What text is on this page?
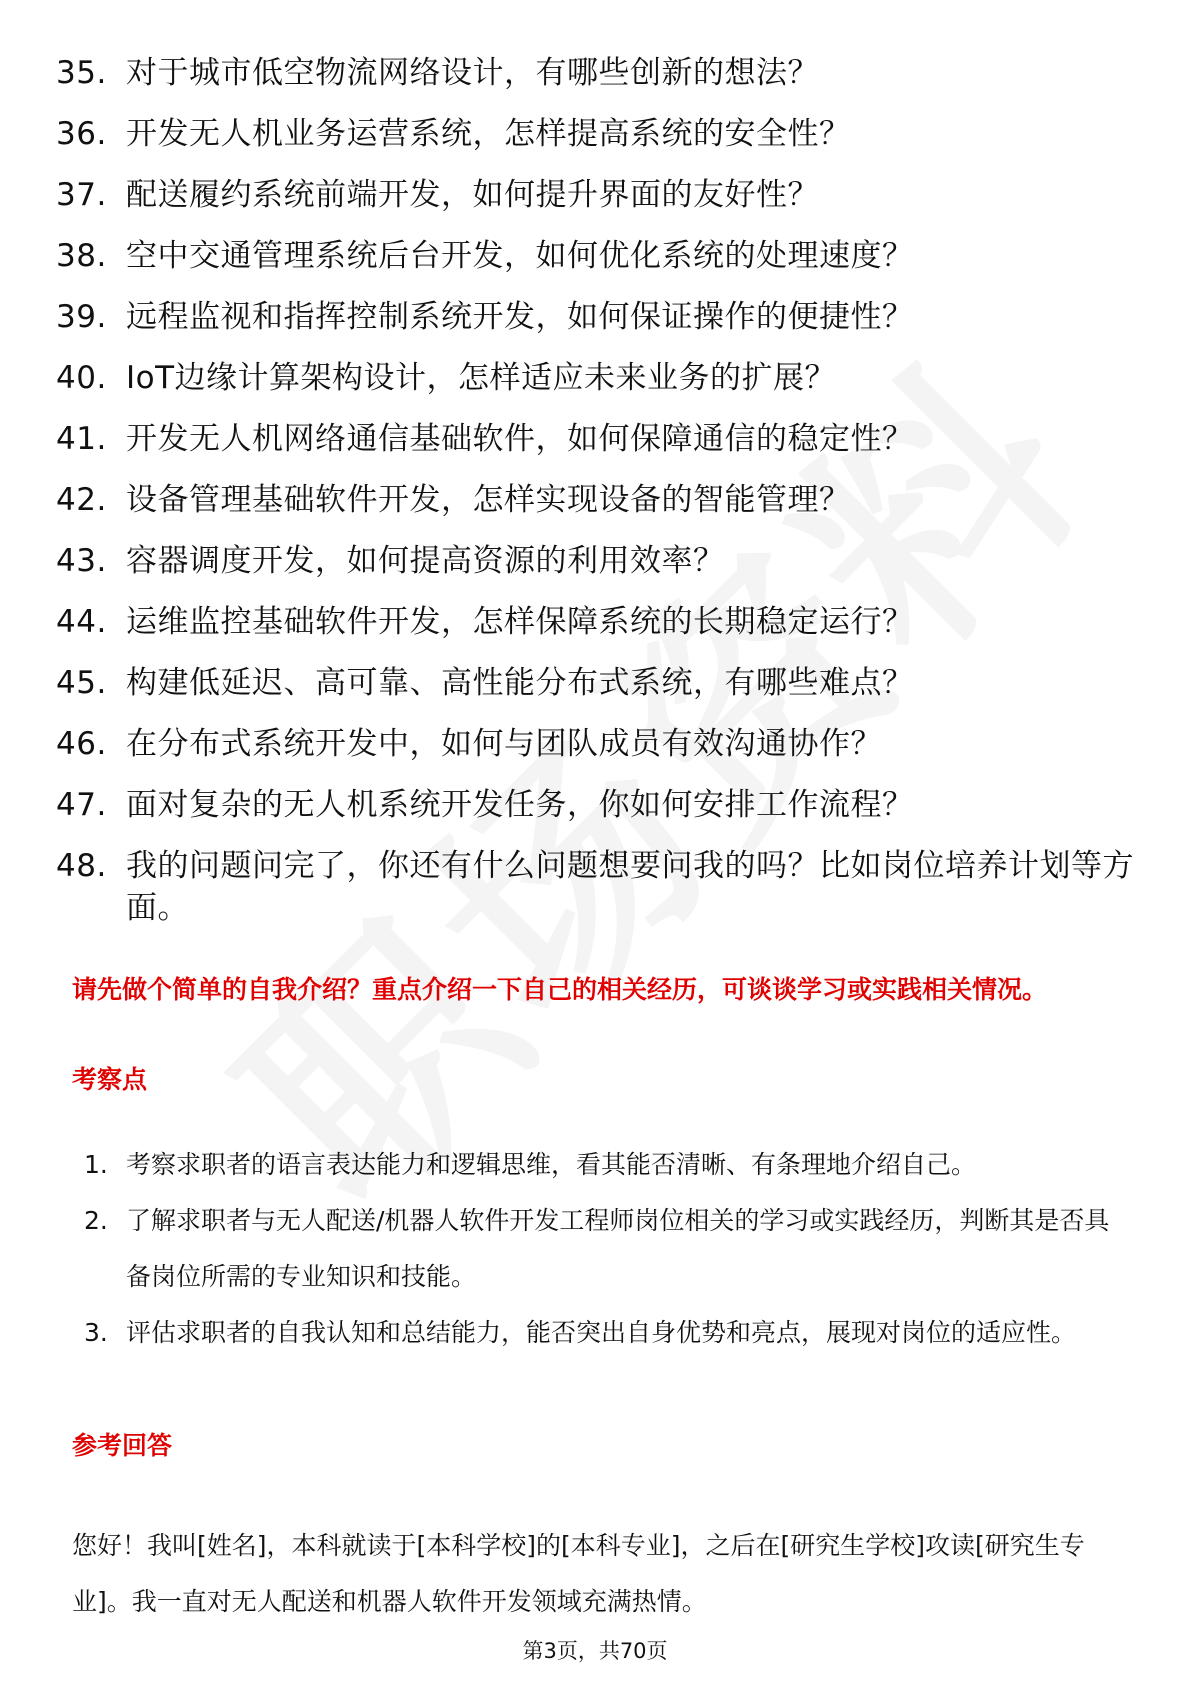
35. 对于城市低空物流网络设计，有哪些创新的想法？
36. 开发无人机业务运营系统，怎样提高系统的安全性？
37. 配送履约系统前端开发，如何提升界面的友好性？
38. 空中交通管理系统后台开发，如何优化系统的处理速度？
39. 远程监视和指挥控制系统开发，如何保证操作的便捷性？
40. IoT边缘计算架构设计，怎样适应未来业务的扩展？
41. 开发无人机网络通信基础软件，如何保障通信的稳定性？
42. 设备管理基础软件开发，怎样实现设备的智能管理？
43. 容器调度开发，如何提高资源的利用效率？
44. 运维监控基础软件开发，怎样保障系统的长期稳定运行？
45. 构建低延迟、高可靠、高性能分布式系统，有哪些难点？
46. 在分布式系统开发中，如何与团队成员有效沟通协作？
47. 面对复杂的无人机系统开发任务，你如何安排工作流程？
48. 我的问题问完了，你还有什么问题想要问我的吗？比如岗位培养计划等方面。
请先做个简单的自我介绍？重点介绍一下自己的相关经历，可谈谈学习或实践相关情况。
考察点
1. 考察求职者的语言表达能力和逻辑思维，看其能否清晰、有条理地介绍自己。
2. 了解求职者与无人配送/机器人软件开发工程师岗位相关的学习或实践经历，判断其是否具备岗位所需的专业知识和技能。
3. 评估求职者的自我认知和总结能力，能否突出自身优势和亮点，展现对岗位的适应性。
参考回答
您好！我叫[姓名]，本科就读于[本科学校]的[本科专业]，之后在[研究生学校]攻读[研究生专业]。我一直对无人配送和机器人软件开发领域充满热情。
第3页，共70页
